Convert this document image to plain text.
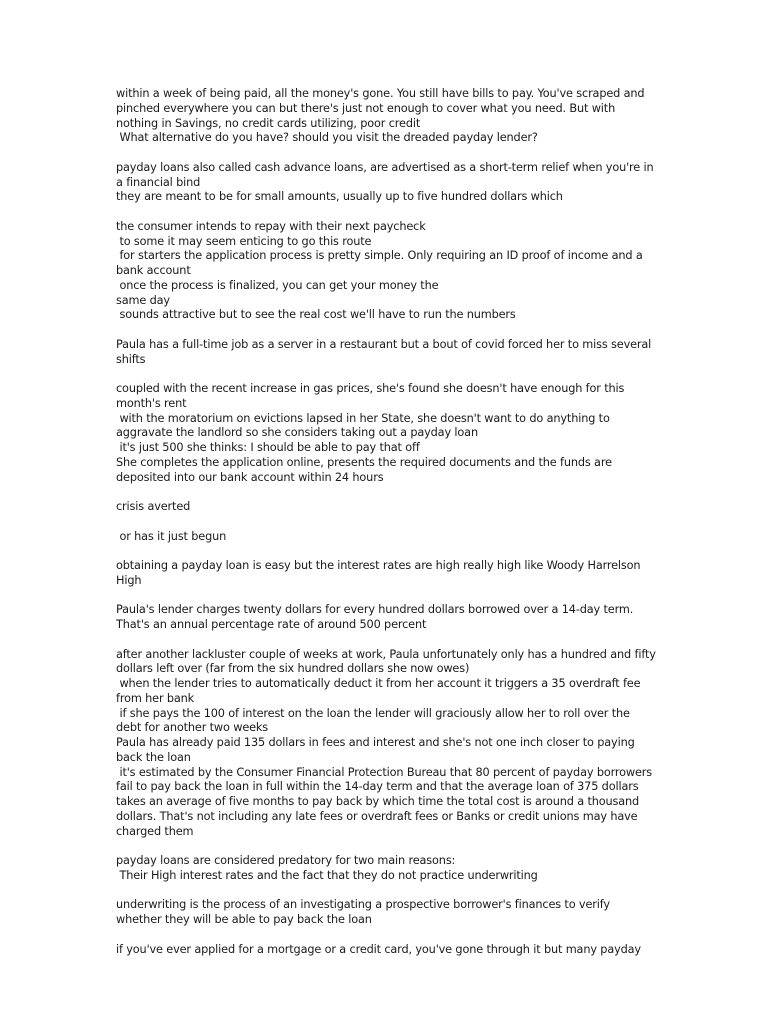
within a week of being paid, all the money's gone. You still have bills to pay. You've scraped and pinched everywhere you can but there's just not enough to cover what you need. But with nothing in Savings, no credit cards utilizing, poor credit

What alternative do you have? should you visit the dreaded payday lender?

payday loans also called cash advance loans, are advertised as a short-term relief when you're in a financial bind

they are meant to be for small amounts, usually up to five hundred dollars which

the consumer intends to repay with their next paycheck

to some it may seem enticing to go this route

for starters the application process is pretty simple. Only requiring an ID proof of income and a bank account

once the process is finalized, you can get your money the

same day

sounds attractive but to see the real cost we'll have to run the numbers

Paula has a full-time job as a server in a restaurant but a bout of covid forced her to miss several shifts

coupled with the recent increase in gas prices, she's found she doesn't have enough for this month's rent

with the moratorium on evictions lapsed in her State, she doesn't want to do anything to aggravate the landlord so she considers taking out a payday loan

it's just 500 she thinks: I should be able to pay that off

She completes the application online, presents the required documents and the funds are deposited into our bank account within 24 hours

crisis averted

or has it just begun

obtaining a payday loan is easy but the interest rates are high really high like Woody Harrelson High

Paula's lender charges twenty dollars for every hundred dollars borrowed over a 14-day term. That's an annual percentage rate of around 500 percent

after another lackluster couple of weeks at work, Paula unfortunately only has a hundred and fifty dollars left over (far from the six hundred dollars she now owes)

when the lender tries to automatically deduct it from her account it triggers a 35 overdraft fee from her bank

if she pays the 100 of interest on the loan the lender will graciously allow her to roll over the debt for another two weeks

Paula has already paid 135 dollars in fees and interest and she's not one inch closer to paying back the loan

it's estimated by the Consumer Financial Protection Bureau that 80 percent of payday borrowers fail to pay back the loan in full within the 14-day term and that the average loan of 375 dollars takes an average of five months to pay back by which time the total cost is around a thousand dollars. That's not including any late fees or overdraft fees or Banks or credit unions may have charged them

payday loans are considered predatory for two main reasons:

Their High interest rates and the fact that they do not practice underwriting

underwriting is the process of an investigating a prospective borrower's finances to verify whether they will be able to pay back the loan

if you've ever applied for a mortgage or a credit card, you've gone through it but many payday
